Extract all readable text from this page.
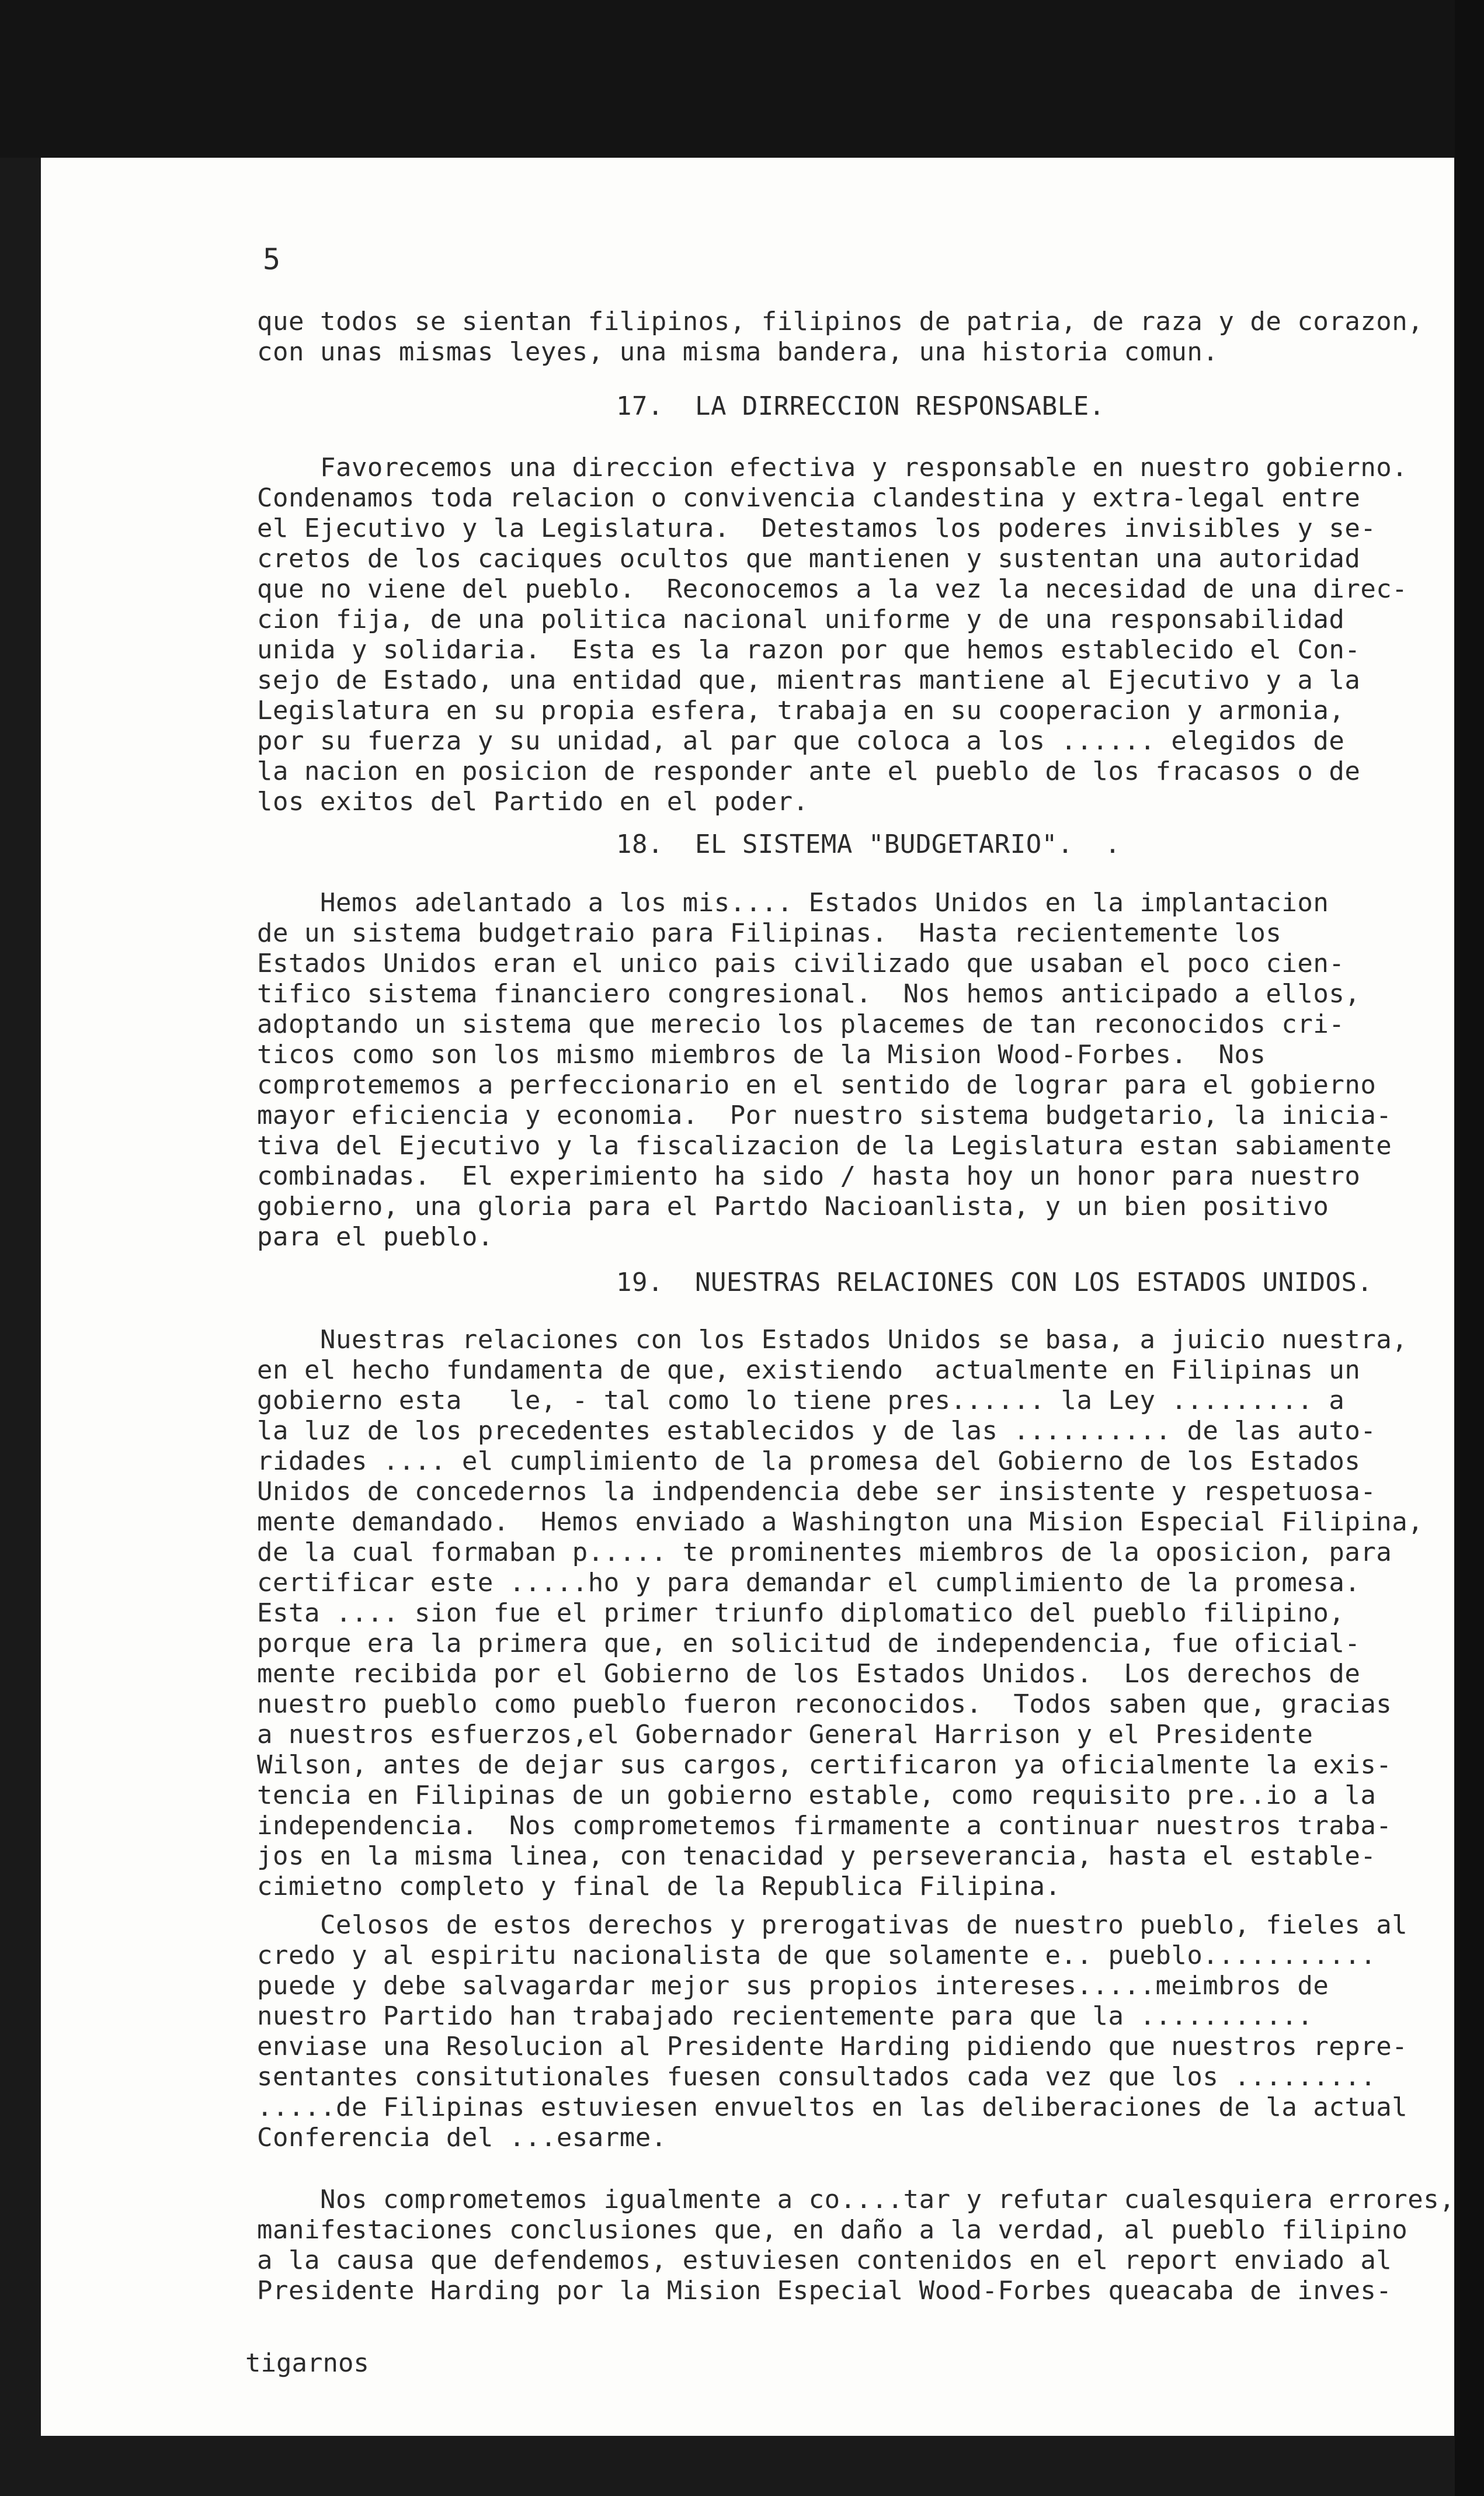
5
que todos se sientan filipinos, filipinos de patria, de raza y de corazon,
con unas mismas leyes, una misma bandera, una historia comun.
17.  LA DIRRECCION RESPONSABLE.
Favorecemos una direccion efectiva y responsable en nuestro gobierno.
Condenamos toda relacion o convivencia clandestina y extra-legal entre
el Ejecutivo y la Legislatura.  Detestamos los poderes invisibles y se-
cretos de los caciques ocultos que mantienen y sustentan una autoridad
que no viene del pueblo.  Reconocemos a la vez la necesidad de una direc-
cion fija, de una politica nacional uniforme y de una responsabilidad
unida y solidaria.  Esta es la razon por que hemos establecido el Con-
sejo de Estado, una entidad que, mientras mantiene al Ejecutivo y a la
Legislatura en su propia esfera, trabaja en su cooperacion y armonia,
por su fuerza y su unidad, al par que coloca a los ...... elegidos de
la nacion en posicion de responder ante el pueblo de los fracasos o de
los exitos del Partido en el poder.
18.  EL SISTEMA "BUDGETARIO".  .
Hemos adelantado a los mis.... Estados Unidos en la implantacion
de un sistema budgetraio para Filipinas.  Hasta recientemente los
Estados Unidos eran el unico pais civilizado que usaban el poco cien-
tifico sistema financiero congresional.  Nos hemos anticipado a ellos,
adoptando un sistema que merecio los placemes de tan reconocidos cri-
ticos como son los mismo miembros de la Mision Wood-Forbes.  Nos
comprotememos a perfeccionario en el sentido de lograr para el gobierno
mayor eficiencia y economia.  Por nuestro sistema budgetario, la inicia-
tiva del Ejecutivo y la fiscalizacion de la Legislatura estan sabiamente
combinadas.  El experimiento ha sido / hasta hoy un honor para nuestro
gobierno, una gloria para el Partdo Nacioanlista, y un bien positivo
para el pueblo.
19.  NUESTRAS RELACIONES CON LOS ESTADOS UNIDOS.
Nuestras relaciones con los Estados Unidos se basa, a juicio nuestra,
en el hecho fundamenta de que, existiendo  actualmente en Filipinas un
gobierno esta   le, - tal como lo tiene pres...... la Ley ......... a
la luz de los precedentes establecidos y de las .......... de las auto-
ridades .... el cumplimiento de la promesa del Gobierno de los Estados
Unidos de concedernos la indpendencia debe ser insistente y respetuosa-
mente demandado.  Hemos enviado a Washington una Mision Especial Filipina,
de la cual formaban p..... te prominentes miembros de la oposicion, para
certificar este .....ho y para demandar el cumplimiento de la promesa.
Esta .... sion fue el primer triunfo diplomatico del pueblo filipino,
porque era la primera que, en solicitud de independencia, fue oficial-
mente recibida por el Gobierno de los Estados Unidos.  Los derechos de
nuestro pueblo como pueblo fueron reconocidos.  Todos saben que, gracias
a nuestros esfuerzos,el Gobernador General Harrison y el Presidente
Wilson, antes de dejar sus cargos, certificaron ya oficialmente la exis-
tencia en Filipinas de un gobierno estable, como requisito pre..io a la
independencia.  Nos comprometemos firmamente a continuar nuestros traba-
jos en la misma linea, con tenacidad y perseverancia, hasta el estable-
cimietno completo y final de la Republica Filipina.
Celosos de estos derechos y prerogativas de nuestro pueblo, fieles al
credo y al espiritu nacionalista de que solamente e.. pueblo...........
puede y debe salvagardar mejor sus propios intereses.....meimbros de
nuestro Partido han trabajado recientemente para que la ...........
enviase una Resolucion al Presidente Harding pidiendo que nuestros repre-
sentantes consitutionales fuesen consultados cada vez que los .........
.....de Filipinas estuviesen envueltos en las deliberaciones de la actual
Conferencia del ...esarme.
Nos comprometemos igualmente a co....tar y refutar cualesquiera errores,
manifestaciones conclusiones que, en daño a la verdad, al pueblo filipino
a la causa que defendemos, estuviesen contenidos en el report enviado al
Presidente Harding por la Mision Especial Wood-Forbes queacaba de inves-
tigarnos
